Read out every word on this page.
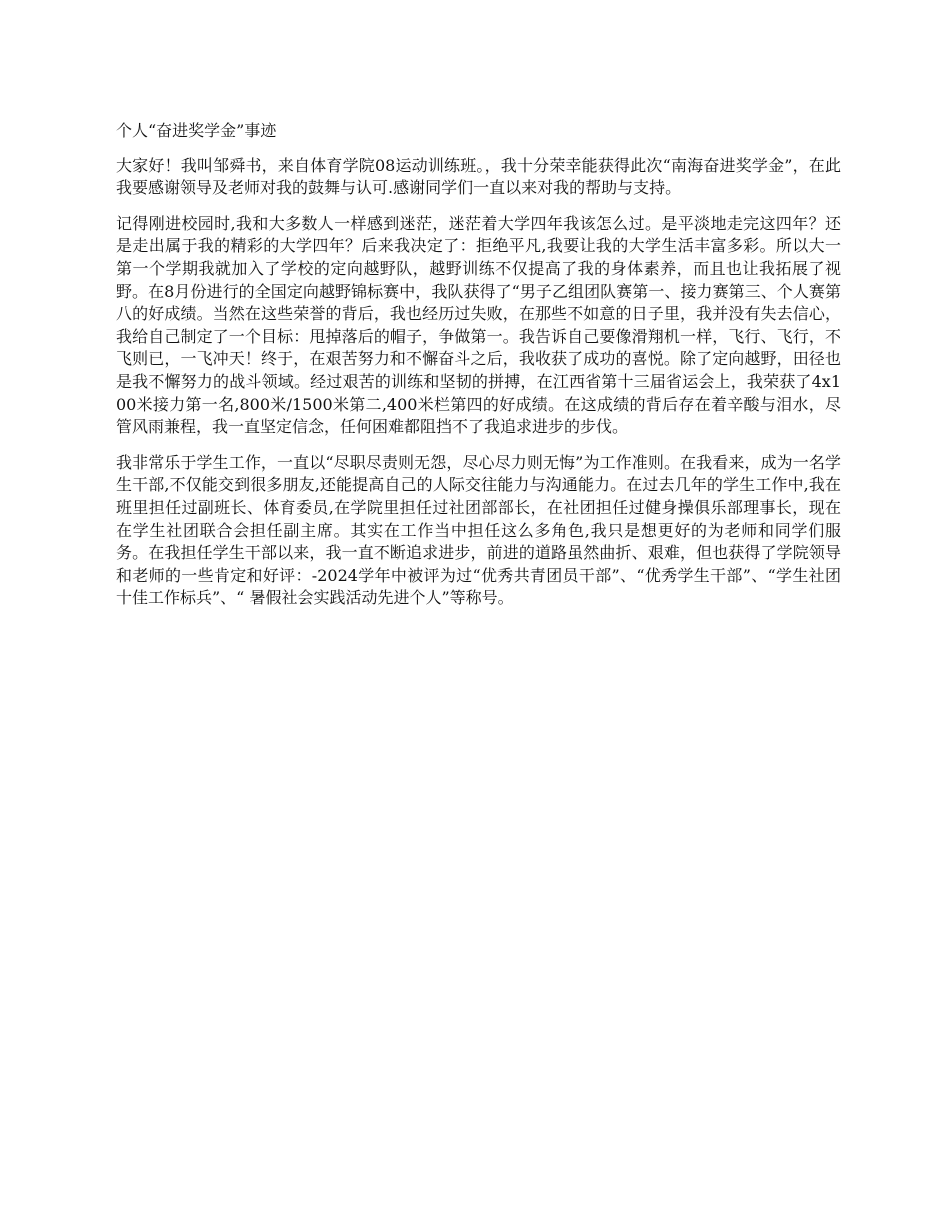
个人“奋进奖学金”事迹

大家好！我叫邹舜书，来自体育学院08运动训练班。，我十分荣幸能获得此次“南海奋进奖学金”，在此我要感谢领导及老师对我的鼓舞与认可.感谢同学们一直以来对我的帮助与支持。

记得刚进校园时,我和大多数人一样感到迷茫，迷茫着大学四年我该怎么过。是平淡地走完这四年？还是走出属于我的精彩的大学四年？后来我决定了：拒绝平凡,我要让我的大学生活丰富多彩。所以大一第一个学期我就加入了学校的定向越野队，越野训练不仅提高了我的身体素养，而且也让我拓展了视野。在8月份进行的全国定向越野锦标赛中，我队获得了“男子乙组团队赛第一、接力赛第三、个人赛第八的好成绩。当然在这些荣誉的背后，我也经历过失败，在那些不如意的日子里，我并没有失去信心，我给自己制定了一个目标：甩掉落后的帽子，争做第一。我告诉自己要像滑翔机一样，飞行、飞行，不飞则已，一飞冲天！终于，在艰苦努力和不懈奋斗之后，我收获了成功的喜悦。除了定向越野，田径也是我不懈努力的战斗领域。经过艰苦的训练和坚韧的拼搏，在江西省第十三届省运会上，我荣获了4x100米接力第一名,800米/1500米第二,400米栏第四的好成绩。在这成绩的背后存在着辛酸与泪水，尽管风雨兼程，我一直坚定信念，任何困难都阻挡不了我追求进步的步伐。

我非常乐于学生工作，一直以“尽职尽责则无怨，尽心尽力则无悔”为工作准则。在我看来，成为一名学生干部,不仅能交到很多朋友,还能提高自己的人际交往能力与沟通能力。在过去几年的学生工作中,我在班里担任过副班长、体育委员,在学院里担任过社团部部长，在社团担任过健身操俱乐部理事长，现在在学生社团联合会担任副主席。其实在工作当中担任这么多角色,我只是想更好的为老师和同学们服务。在我担任学生干部以来，我一直不断追求进步，前进的道路虽然曲折、艰难，但也获得了学院领导和老师的一些肯定和好评：-2024学年中被评为过“优秀共青团员干部”、“优秀学生干部”、“学生社团十佳工作标兵”、“ 暑假社会实践活动先进个人”等称号。
